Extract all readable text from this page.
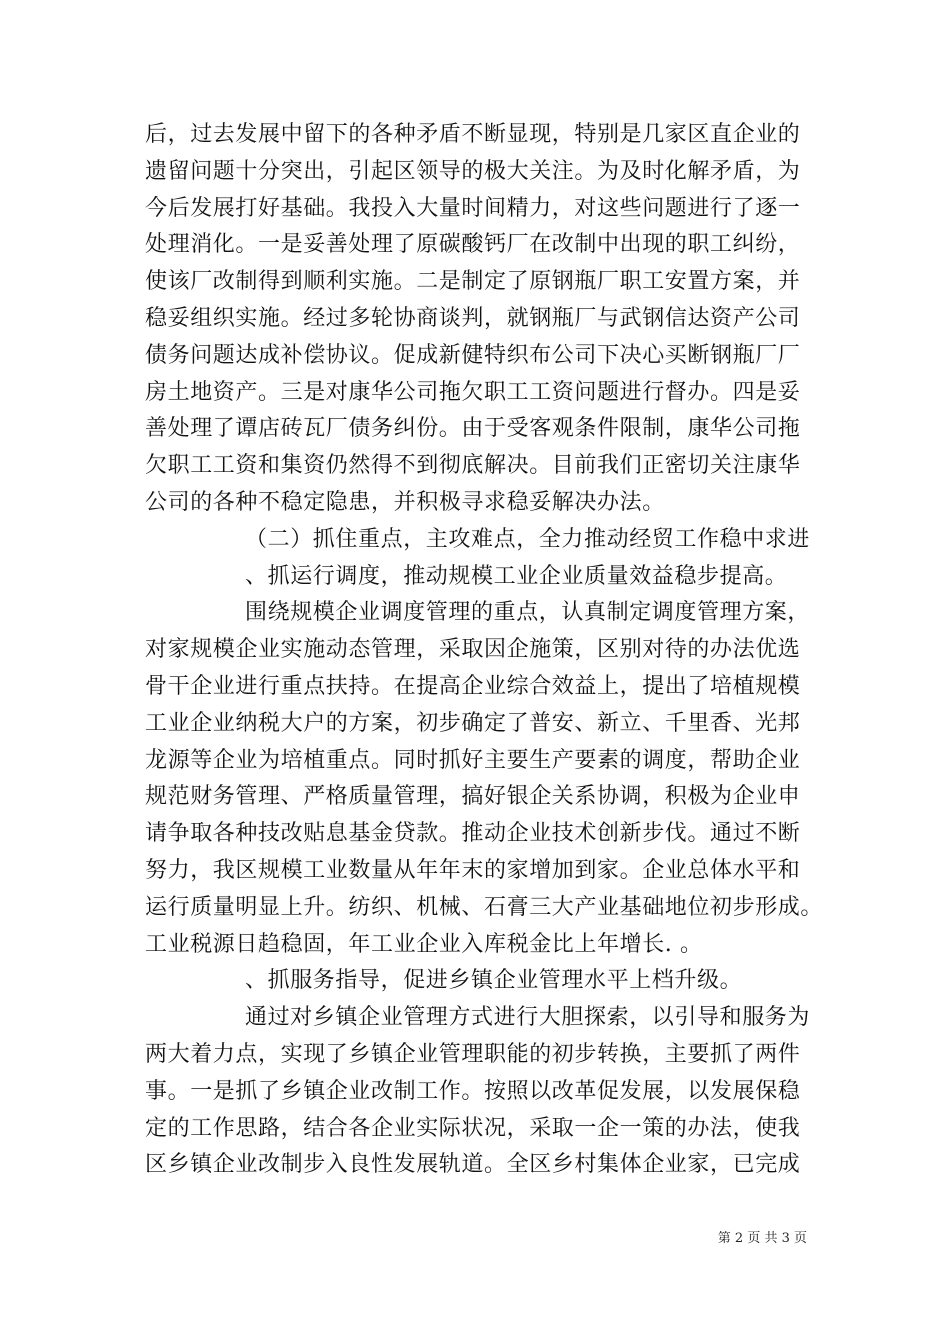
后，过去发展中留下的各种矛盾不断显现，特别是几家区直企业的
遗留问题十分突出，引起区领导的极大关注。为及时化解矛盾，为
今后发展打好基础。我投入大量时间精力，对这些问题进行了逐一
处理消化。一是妥善处理了原碳酸钙厂在改制中出现的职工纠纷，
使该厂改制得到顺利实施。二是制定了原钢瓶厂职工安置方案，并
稳妥组织实施。经过多轮协商谈判，就钢瓶厂与武钢信达资产公司
债务问题达成补偿协议。促成新健特织布公司下决心买断钢瓶厂厂
房土地资产。三是对康华公司拖欠职工工资问题进行督办。四是妥
善处理了谭店砖瓦厂债务纠份。由于受客观条件限制，康华公司拖
欠职工工资和集资仍然得不到彻底解决。目前我们正密切关注康华
公司的各种不稳定隐患，并积极寻求稳妥解决办法。
（二）抓住重点，主攻难点，全力推动经贸工作稳中求进
、抓运行调度，推动规模工业企业质量效益稳步提高。
围绕规模企业调度管理的重点，认真制定调度管理方案，
对家规模企业实施动态管理，采取因企施策，区别对待的办法优选
骨干企业进行重点扶持。在提高企业综合效益上，提出了培植规模
工业企业纳税大户的方案，初步确定了普安、新立、千里香、光邦
龙源等企业为培植重点。同时抓好主要生产要素的调度，帮助企业
规范财务管理、严格质量管理，搞好银企关系协调，积极为企业申
请争取各种技改贴息基金贷款。推动企业技术创新步伐。通过不断
努力，我区规模工业数量从年年末的家增加到家。企业总体水平和
运行质量明显上升。纺织、机械、石膏三大产业基础地位初步形成。
工业税源日趋稳固，年工业企业入库税金比上年增长. 。
、抓服务指导，促进乡镇企业管理水平上档升级。
通过对乡镇企业管理方式进行大胆探索，以引导和服务为
两大着力点，实现了乡镇企业管理职能的初步转换，主要抓了两件
事。一是抓了乡镇企业改制工作。按照以改革促发展，以发展保稳
定的工作思路，结合各企业实际状况，采取一企一策的办法，使我
区乡镇企业改制步入良性发展轨道。全区乡村集体企业家，已完成
第 2 页 共 3 页
